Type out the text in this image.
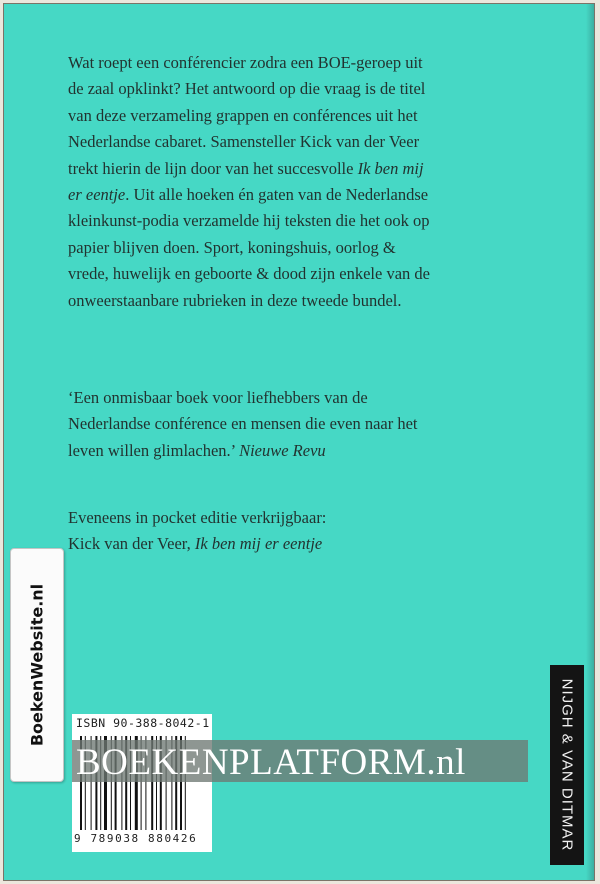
Wat roept een conférencier zodra een BOE-geroep uit

de zaal opklinkt? Het antwoord op die vraag is de titel

van deze verzameling grappen en conférences uit het

Nederlandse cabaret. Samensteller Kick van der Veer

trekt hierin de lijn door van het succesvolle Ik ben mij

er eentje. Uit alle hoeken én gaten van de Nederlandse

kleinkunst-podia verzamelde hij teksten die het ook op

papier blijven doen. Sport, koningshuis, oorlog &

vrede, huwelijk en geboorte & dood zijn enkele van de

onweerstaanbare rubrieken in deze tweede bundel.

‘Een onmisbaar boek voor liefhebbers van de

Nederlandse conférence en mensen die even naar het

leven willen glimlachen.’ Nieuwe Revu

Eveneens in pocket editie verkrijgbaar:

Kick van der Veer, Ik ben mij er eentje

BoekenWebsite.nl	ISBN 90-388-8042-1
9 789038 880426
BOEKENPLATFORM.nl	NIJGH & VAN DITMAR
